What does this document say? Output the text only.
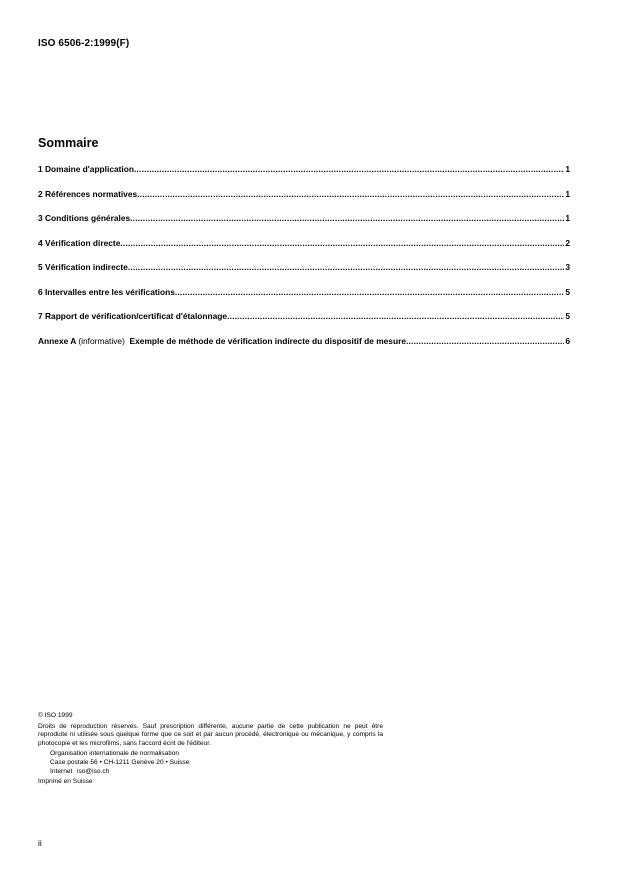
ISO 6506-2:1999(F)
Sommaire
1 Domaine d'application .....	1
2 Références normatives .....	1
3 Conditions générales .....	1
4 Vérification directe .....	2
5 Vérification indirecte .....	3
6 Intervalles entre les vérifications .....	5
7 Rapport de vérification/certificat d'étalonnage .....	5
Annexe A (informative) Exemple de méthode de vérification indirecte du dispositif de mesure .....	6
© ISO 1999
Droits de reproduction réservés. Sauf prescription différente, aucune partie de cette publication ne peut être reproduite ni utilisée sous quelque forme que ce soit et par aucun procédé, électronique ou mécanique, y compris la photocopie et les microfilms, sans l'accord écrit de l'éditeur.
Organisation internationale de normalisation
Case postale 56 • CH-1211 Genève 20 • Suisse
Internet iso@iso.ch
Imprimé en Suisse
ii
